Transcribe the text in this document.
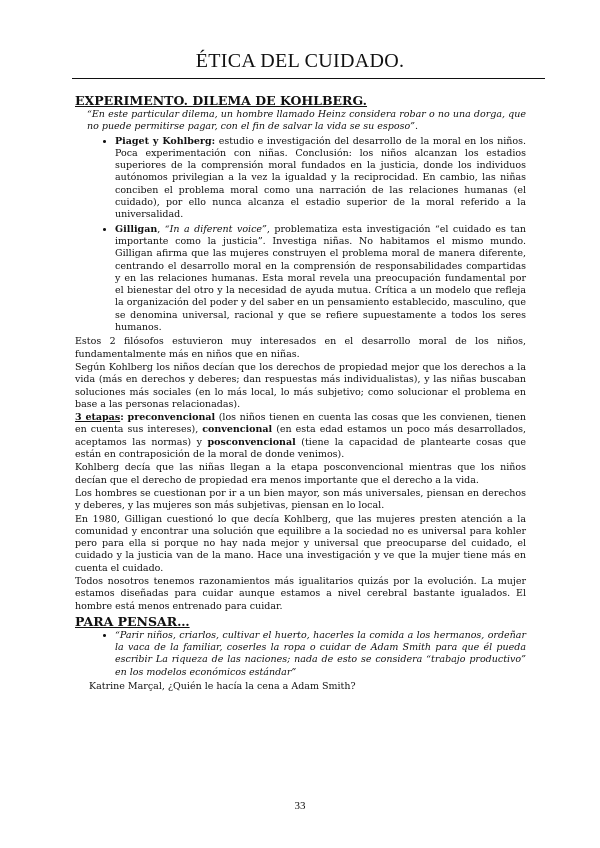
ÉTICA DEL CUIDADO.

EXPERIMENTO. DILEMA DE KOHLBERG.

“En este particular dilema, un hombre llamado Heinz considera robar o no una dorga, que no puede permitirse pagar, con el fin de salvar la vida se su esposo”.

• Piaget y Kohlberg: estudio e investigación del desarrollo de la moral en los niños. Poca experimentación con niñas. Conclusión: los niños alcanzan los estadios superiores de la comprensión moral fundados en la justicia, donde los individuos autónomos privilegian a la vez la igualdad y la reciprocidad. En cambio, las niñas conciben el problema moral como una narración de las relaciones humanas (el cuidado), por ello nunca alcanza el estadio superior de la moral referido a la universalidad.
• Gilligan, “In a diferent voice”, problematiza esta investigación “el cuidado es tan importante como la justicia”. Investiga niñas. No habitamos el mismo mundo. Gilligan afirma que las mujeres construyen el problema moral de manera diferente, centrando el desarrollo moral en la comprensión de responsabilidades compartidas y en las relaciones humanas. Esta moral revela una preocupación fundamental por el bienestar del otro y la necesidad de ayuda mutua. Crítica a un modelo que refleja la organización del poder y del saber en un pensamiento establecido, masculino, que se denomina universal, racional y que se refiere supuestamente a todos los seres humanos.

Estos 2 filósofos estuvieron muy interesados en el desarrollo moral de los niños, fundamentalmente más en niños que en niñas.

Según Kohlberg los niños decían que los derechos de propiedad mejor que los derechos a la vida (más en derechos y deberes; dan respuestas más individualistas), y las niñas buscaban soluciones más sociales (en lo más local, lo más subjetivo; como solucionar el problema en base a las personas relacionadas).

3 etapas: preconvencional (los niños tienen en cuenta las cosas que les convienen, tienen en cuenta sus intereses), convencional (en esta edad estamos un poco más desarrollados, aceptamos las normas) y posconvencional (tiene la capacidad de plantearte cosas que están en contraposición de la moral de donde venimos).

Kohlberg decía que las niñas llegan a la etapa posconvencional mientras que los niños decían que el derecho de propiedad era menos importante que el derecho a la vida.

Los hombres se cuestionan por ir a un bien mayor, son más universales, piensan en derechos y deberes, y las mujeres son más subjetivas, piensan en lo local.

En 1980, Gilligan cuestionó lo que decía Kohlberg, que las mujeres presten atención a la comunidad y encontrar una solución que equilibre a la sociedad no es universal para kohler pero para ella si porque no hay nada mejor y universal que preocuparse del cuidado, el cuidado y la justicia van de la mano. Hace una investigación y ve que la mujer tiene más en cuenta el cuidado.

Todos nosotros tenemos razonamientos más igualitarios quizás por la evolución. La mujer estamos diseñadas para cuidar aunque estamos a nivel cerebral bastante igualados. El hombre está menos entrenado para cuidar.

PARA PENSAR…

• “Parir niños, criarlos, cultivar el huerto, hacerles la comida a los hermanos, ordeñar la vaca de la familiar, coserles la ropa o cuidar de Adam Smith para que él pueda escribir La riqueza de las naciones; nada de esto se considera “trabajo productivo” en los modelos económicos estándar”

Katrine Marçal, ¿Quién le hacía la cena a Adam Smith?

33
